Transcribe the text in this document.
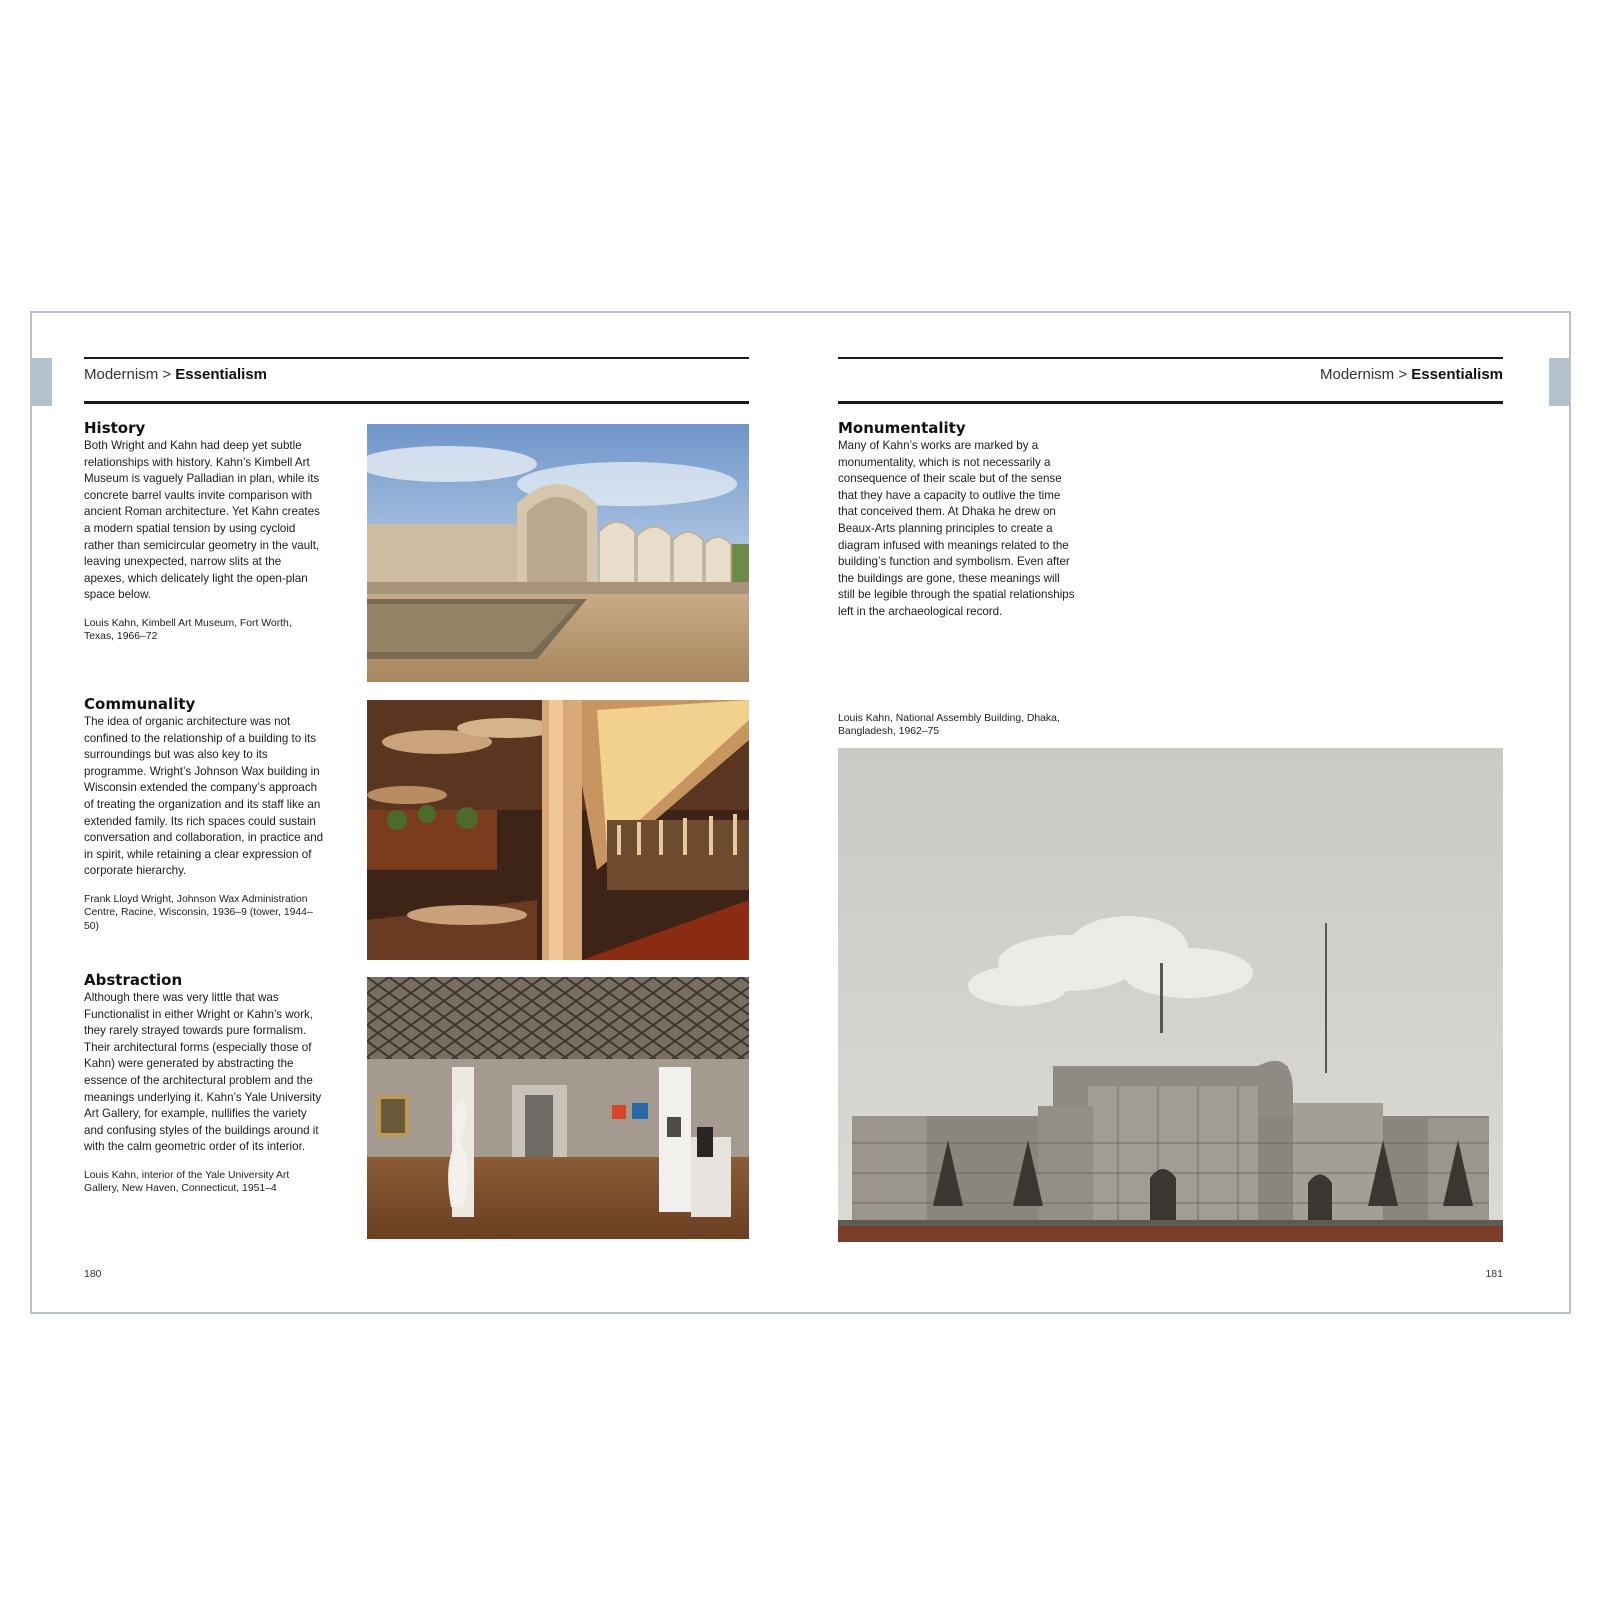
Modernism > Essentialism
History

Both Wright and Kahn had deep yet subtle relationships with history. Kahn’s Kimbell Art Museum is vaguely Palladian in plan, while its concrete barrel vaults invite comparison with ancient Roman architecture. Yet Kahn creates a modern spatial tension by using cycloid rather than semicircular geometry in the vault, leaving unexpected, narrow slits at the apexes, which delicately light the open-plan space below.

Louis Kahn, Kimbell Art Museum, Fort Worth, Texas, 1966–72
Communality

The idea of organic architecture was not confined to the relationship of a building to its surroundings but was also key to its programme. Wright’s Johnson Wax building in Wisconsin extended the company’s approach of treating the organization and its staff like an extended family. Its rich spaces could sustain conversation and collaboration, in practice and in spirit, while retaining a clear expression of corporate hierarchy.

Frank Lloyd Wright, Johnson Wax Administration Centre, Racine, Wisconsin, 1936–9 (tower, 1944–50)
Abstraction

Although there was very little that was Functionalist in either Wright or Kahn’s work, they rarely strayed towards pure formalism. Their architectural forms (especially those of Kahn) were generated by abstracting the essence of the architectural problem and the meanings underlying it. Kahn’s Yale University Art Gallery, for example, nullifies the variety and confusing styles of the buildings around it with the calm geometric order of its interior.

Louis Kahn, interior of the Yale University Art Gallery, New Haven, Connecticut, 1951–4
180
Modernism > Essentialism
Monumentality

Many of Kahn’s works are marked by a monumentality, which is not necessarily a consequence of their scale but of the sense that they have a capacity to outlive the time that conceived them. At Dhaka he drew on Beaux-Arts planning principles to create a diagram infused with meanings related to the building’s function and symbolism. Even after the buildings are gone, these meanings will still be legible through the spatial relationships left in the archaeological record.

Louis Kahn, National Assembly Building, Dhaka, Bangladesh, 1962–75
181
